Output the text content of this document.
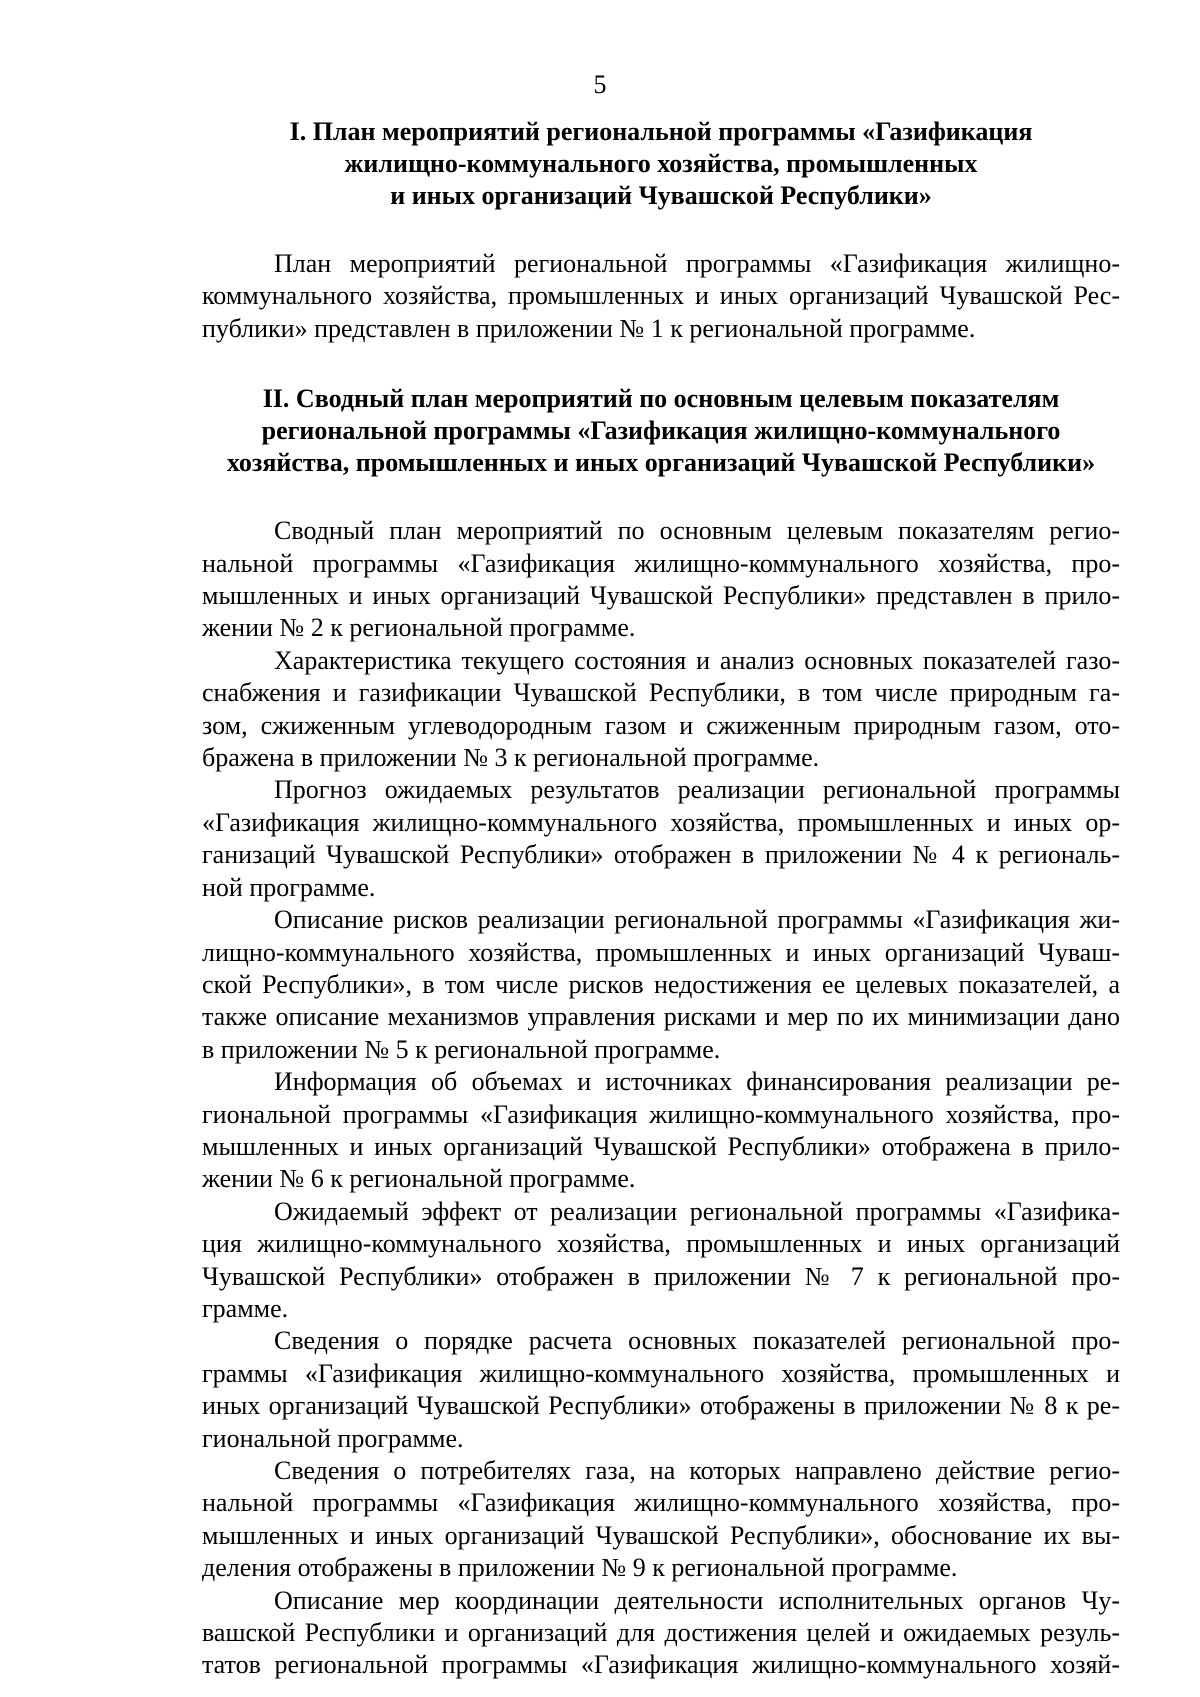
5
I. План мероприятий региональной программы «Газификация
жилищно-коммунального хозяйства, промышленных
и иных организаций Чувашской Республики»

План мероприятий региональной программы «Газификация жилищно-
коммунального хозяйства, промышленных и иных организаций Чувашской Рес-
публики» представлен в приложении № 1 к региональной программе.

II. Сводный план мероприятий по основным целевым показателям
региональной программы «Газификация жилищно-коммунального
хозяйства, промышленных и иных организаций Чувашской Республики»

Сводный план мероприятий по основным целевым показателям регио-
нальной программы «Газификация жилищно-коммунального хозяйства, про-
мышленных и иных организаций Чувашской Республики» представлен в прило-
жении № 2 к региональной программе.

Характеристика текущего состояния и анализ основных показателей газо-
снабжения и газификации Чувашской Республики, в том числе природным га-
зом, сжиженным углеводородным газом и сжиженным природным газом, ото-
бражена в приложении № 3 к региональной программе.

Прогноз ожидаемых результатов реализации региональной программы
«Газификация жилищно-коммунального хозяйства, промышленных и иных ор-
ганизаций Чувашской Республики» отображен в приложении № 4 к региональ-
ной программе.

Описание рисков реализации региональной программы «Газификация жи-
лищно-коммунального хозяйства, промышленных и иных организаций Чуваш-
ской Республики», в том числе рисков недостижения ее целевых показателей, а
также описание механизмов управления рисками и мер по их минимизации дано
в приложении № 5 к региональной программе.

Информация об объемах и источниках финансирования реализации ре-
гиональной программы «Газификация жилищно-коммунального хозяйства, про-
мышленных и иных организаций Чувашской Республики» отображена в прило-
жении № 6 к региональной программе.

Ожидаемый эффект от реализации региональной программы «Газифика-
ция жилищно-коммунального хозяйства, промышленных и иных организаций
Чувашской Республики» отображен в приложении № 7 к региональной про-
грамме.

Сведения о порядке расчета основных показателей региональной про-
граммы «Газификация жилищно-коммунального хозяйства, промышленных и
иных организаций Чувашской Республики» отображены в приложении № 8 к ре-
гиональной программе.

Сведения о потребителях газа, на которых направлено действие регио-
нальной программы «Газификация жилищно-коммунального хозяйства, про-
мышленных и иных организаций Чувашской Республики», обоснование их вы-
деления отображены в приложении № 9 к региональной программе.

Описание мер координации деятельности исполнительных органов Чу-
вашской Республики и организаций для достижения целей и ожидаемых резуль-
татов региональной программы «Газификация жилищно-коммунального хозяй-
